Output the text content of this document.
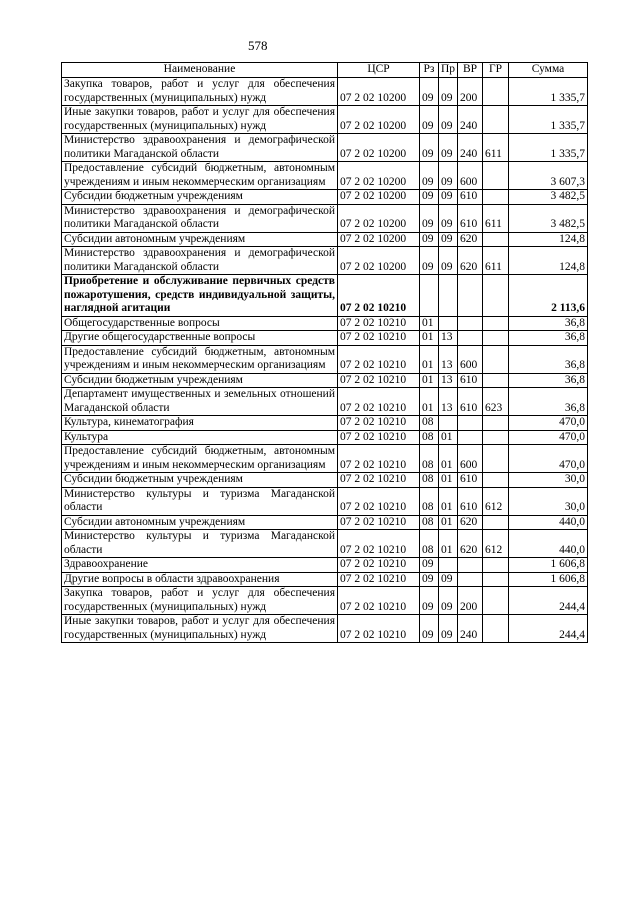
578
Наименование	ЦСР	Рз	Пр	ВР	ГР	Сумма
Закупка товаров, работ и услуг для обеспечения государственных (муниципальных) нужд	07 2 02 10200	09	09	200		1 335,7
Иные закупки товаров, работ и услуг для обеспечения государственных (муниципальных) нужд	07 2 02 10200	09	09	240		1 335,7
Министерство здравоохранения и демографической политики Магаданской области	07 2 02 10200	09	09	240	611	1 335,7
Предоставление субсидий бюджетным, автономным учреждениям и иным некоммерческим организациям	07 2 02 10200	09	09	600		3 607,3
Субсидии бюджетным учреждениям	07 2 02 10200	09	09	610		3 482,5
Министерство здравоохранения и демографической политики Магаданской области	07 2 02 10200	09	09	610	611	3 482,5
Субсидии автономным учреждениям	07 2 02 10200	09	09	620		124,8
Министерство здравоохранения и демографической политики Магаданской области	07 2 02 10200	09	09	620	611	124,8
Приобретение и обслуживание первичных средств пожаротушения, средств индивидуальной защиты, наглядной агитации	07 2 02 10210					2 113,6
Общегосударственные вопросы	07 2 02 10210	01				36,8
Другие общегосударственные вопросы	07 2 02 10210	01	13			36,8
Предоставление субсидий бюджетным, автономным учреждениям и иным некоммерческим организациям	07 2 02 10210	01	13	600		36,8
Субсидии бюджетным учреждениям	07 2 02 10210	01	13	610		36,8
Департамент имущественных и земельных отношений Магаданской области	07 2 02 10210	01	13	610	623	36,8
Культура, кинематография	07 2 02 10210	08				470,0
Культура	07 2 02 10210	08	01			470,0
Предоставление субсидий бюджетным, автономным учреждениям и иным некоммерческим организациям	07 2 02 10210	08	01	600		470,0
Субсидии бюджетным учреждениям	07 2 02 10210	08	01	610		30,0
Министерство культуры и туризма Магаданской области	07 2 02 10210	08	01	610	612	30,0
Субсидии автономным учреждениям	07 2 02 10210	08	01	620		440,0
Министерство культуры и туризма Магаданской области	07 2 02 10210	08	01	620	612	440,0
Здравоохранение	07 2 02 10210	09				1 606,8
Другие вопросы в области здравоохранения	07 2 02 10210	09	09			1 606,8
Закупка товаров, работ и услуг для обеспечения государственных (муниципальных) нужд	07 2 02 10210	09	09	200		244,4
Иные закупки товаров, работ и услуг для обеспечения государственных (муниципальных) нужд	07 2 02 10210	09	09	240		244,4
